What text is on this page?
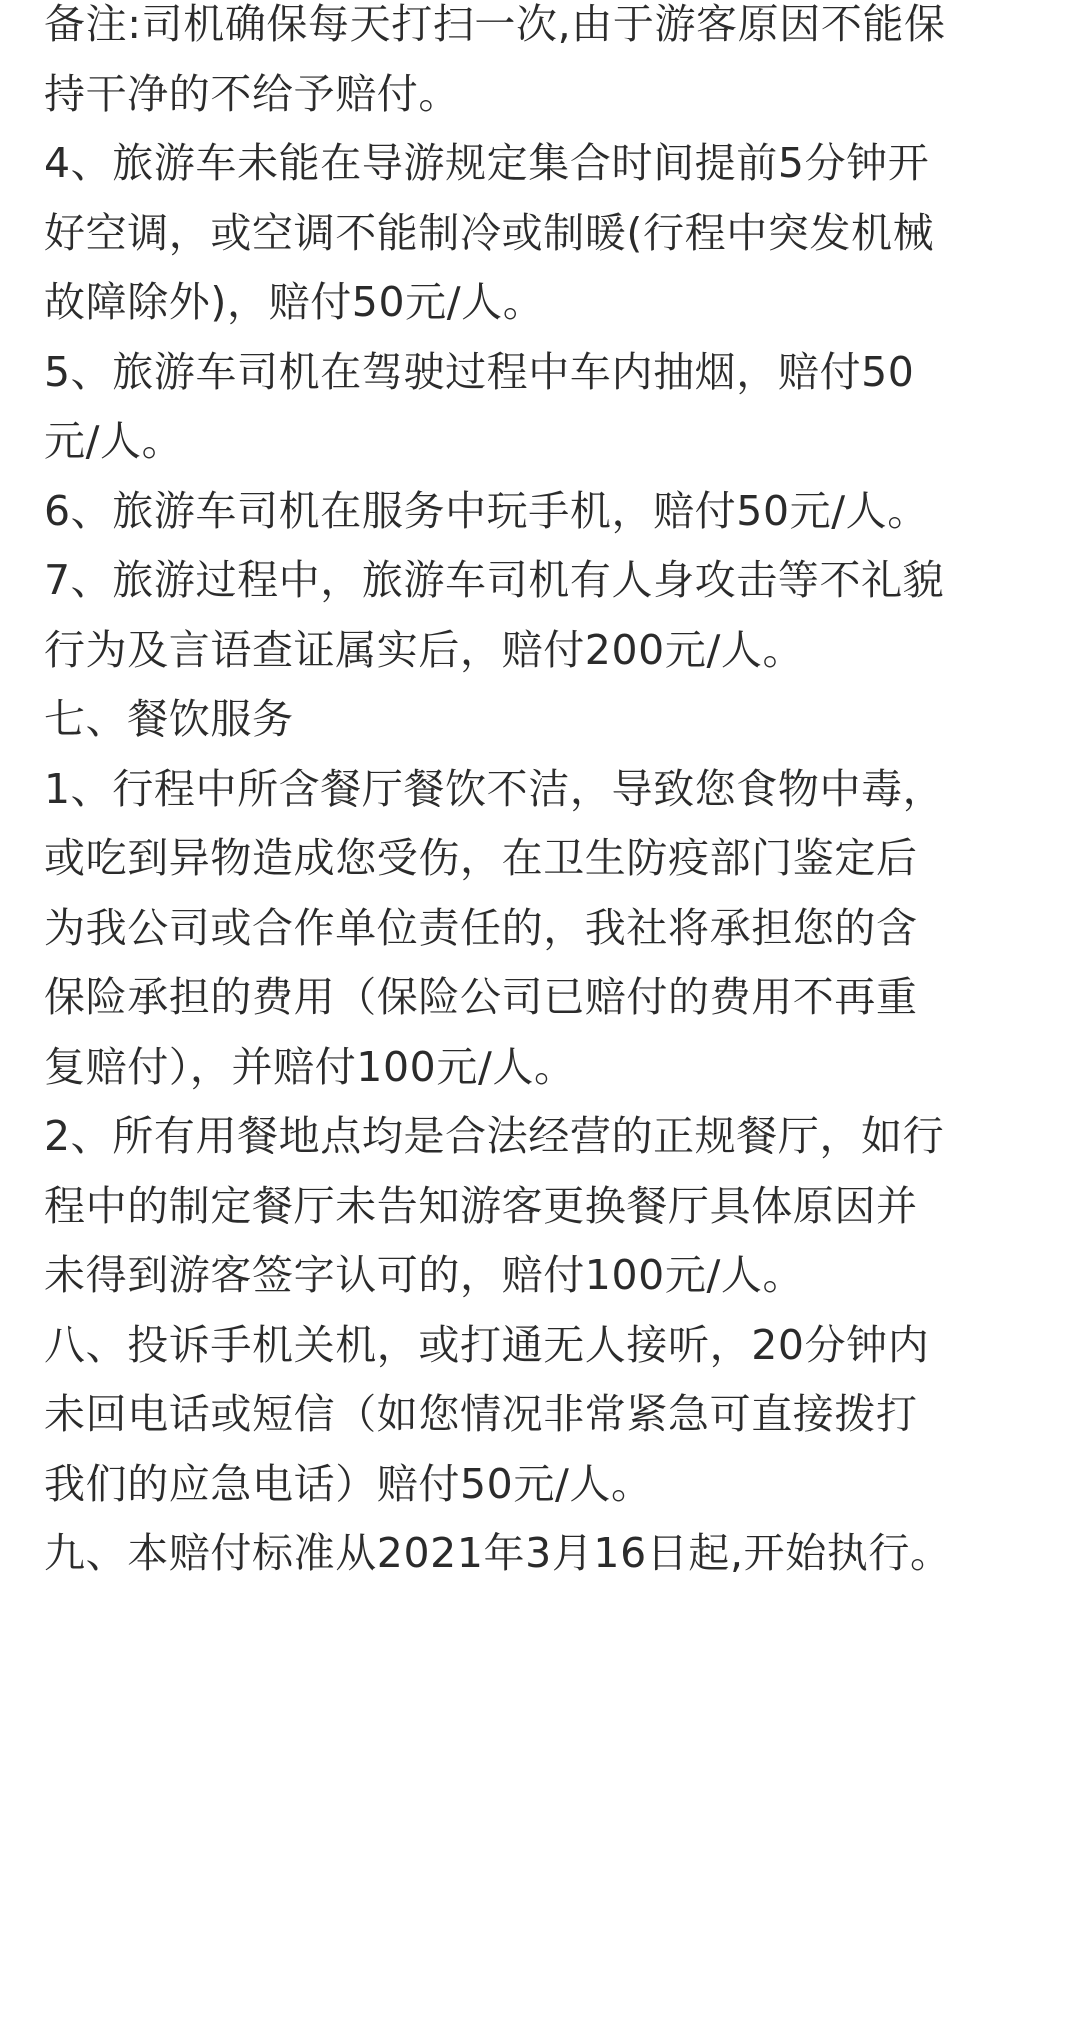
备注:司机确保每天打扫一次,由于游客原因不能保
持干净的不给予赔付。
4、旅游车未能在导游规定集合时间提前5分钟开
好空调，或空调不能制冷或制暖(行程中突发机械
故障除外)，赔付50元/人。
5、旅游车司机在驾驶过程中车内抽烟，赔付50
元/人。
6、旅游车司机在服务中玩手机，赔付50元/人。
7、旅游过程中，旅游车司机有人身攻击等不礼貌
行为及言语查证属实后，赔付200元/人。
七、餐饮服务
1、行程中所含餐厅餐饮不洁，导致您食物中毒，
或吃到异物造成您受伤，在卫生防疫部门鉴定后
为我公司或合作单位责任的，我社将承担您的含
保险承担的费用（保险公司已赔付的费用不再重
复赔付），并赔付100元/人。
2、所有用餐地点均是合法经营的正规餐厅，如行
程中的制定餐厅未告知游客更换餐厅具体原因并
未得到游客签字认可的，赔付100元/人。
八、投诉手机关机，或打通无人接听，20分钟内
未回电话或短信（如您情况非常紧急可直接拨打
我们的应急电话）赔付50元/人。
九、本赔付标准从2021年3月16日起,开始执行。
